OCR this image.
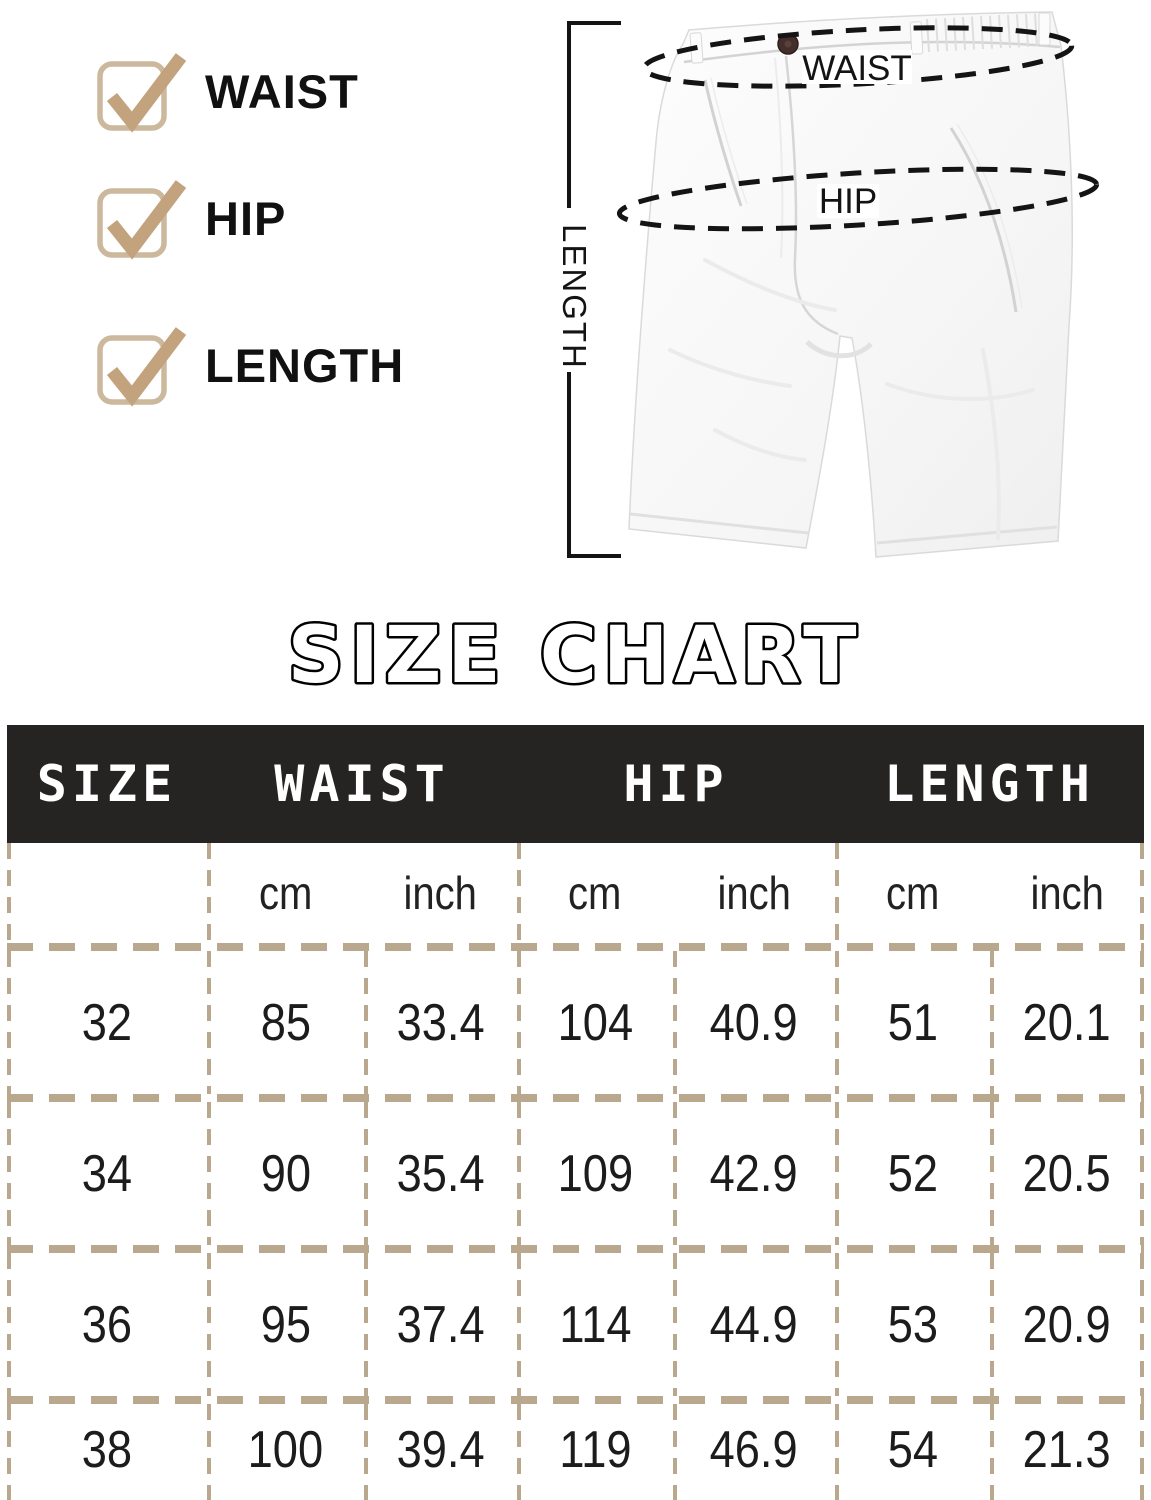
WAIST
HIP
LENGTH	LENGTH
WAIST
HIP
SIZE CHART
SIZE	WAIST	HIP	LENGTH
cm inch cm inch cm inch
32 85 33.4 104 40.9 51 20.1
34 90 35.4 109 42.9 52 20.5
36 95 37.4 114 44.9 53 20.9
38 100 39.4 119 46.9 54 21.3
